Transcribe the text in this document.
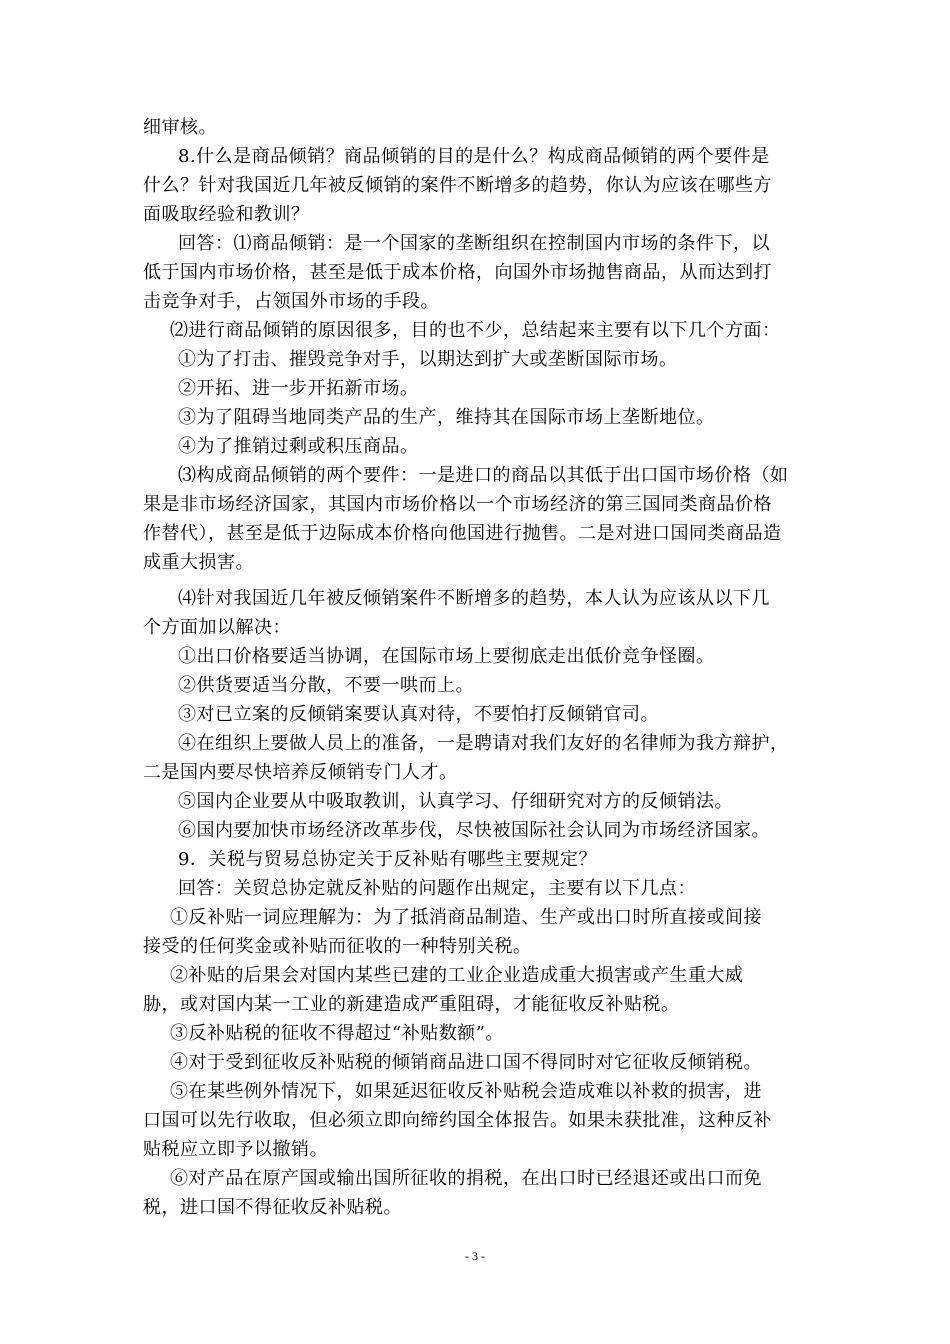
细审核。
8.什么是商品倾销？商品倾销的目的是什么？构成商品倾销的两个要件是
什么？针对我国近几年被反倾销的案件不断增多的趋势，你认为应该在哪些方
面吸取经验和教训？
回答：⑴商品倾销：是一个国家的垄断组织在控制国内市场的条件下，以
低于国内市场价格，甚至是低于成本价格，向国外市场抛售商品，从而达到打
击竞争对手，占领国外市场的手段。
⑵进行商品倾销的原因很多，目的也不少，总结起来主要有以下几个方面：
①为了打击、摧毁竞争对手，以期达到扩大或垄断国际市场。
②开拓、进一步开拓新市场。
③为了阻碍当地同类产品的生产，维持其在国际市场上垄断地位。
④为了推销过剩或积压商品。
⑶构成商品倾销的两个要件：一是进口的商品以其低于出口国市场价格（如
果是非市场经济国家，其国内市场价格以一个市场经济的第三国同类商品价格
作替代），甚至是低于边际成本价格向他国进行抛售。二是对进口国同类商品造
成重大损害。
⑷针对我国近几年被反倾销案件不断增多的趋势，本人认为应该从以下几
个方面加以解决：
①出口价格要适当协调，在国际市场上要彻底走出低价竞争怪圈。
②供货要适当分散，不要一哄而上。
③对已立案的反倾销案要认真对待，不要怕打反倾销官司。
④在组织上要做人员上的准备，一是聘请对我们友好的名律师为我方辩护，
二是国内要尽快培养反倾销专门人才。
⑤国内企业要从中吸取教训，认真学习、仔细研究对方的反倾销法。
⑥国内要加快市场经济改革步伐，尽快被国际社会认同为市场经济国家。
9．关税与贸易总协定关于反补贴有哪些主要规定？
回答：关贸总协定就反补贴的问题作出规定，主要有以下几点：
①反补贴一词应理解为：为了抵消商品制造、生产或出口时所直接或间接
接受的任何奖金或补贴而征收的一种特别关税。
②补贴的后果会对国内某些已建的工业企业造成重大损害或产生重大威
胁，或对国内某一工业的新建造成严重阻碍，才能征收反补贴税。
③反补贴税的征收不得超过“补贴数额”。
④对于受到征收反补贴税的倾销商品进口国不得同时对它征收反倾销税。
⑤在某些例外情况下，如果延迟征收反补贴税会造成难以补救的损害，进
口国可以先行收取，但必须立即向缔约国全体报告。如果未获批准，这种反补
贴税应立即予以撤销。
⑥对产品在原产国或输出国所征收的捐税，在出口时已经退还或出口而免
税，进口国不得征收反补贴税。
- 3 -
